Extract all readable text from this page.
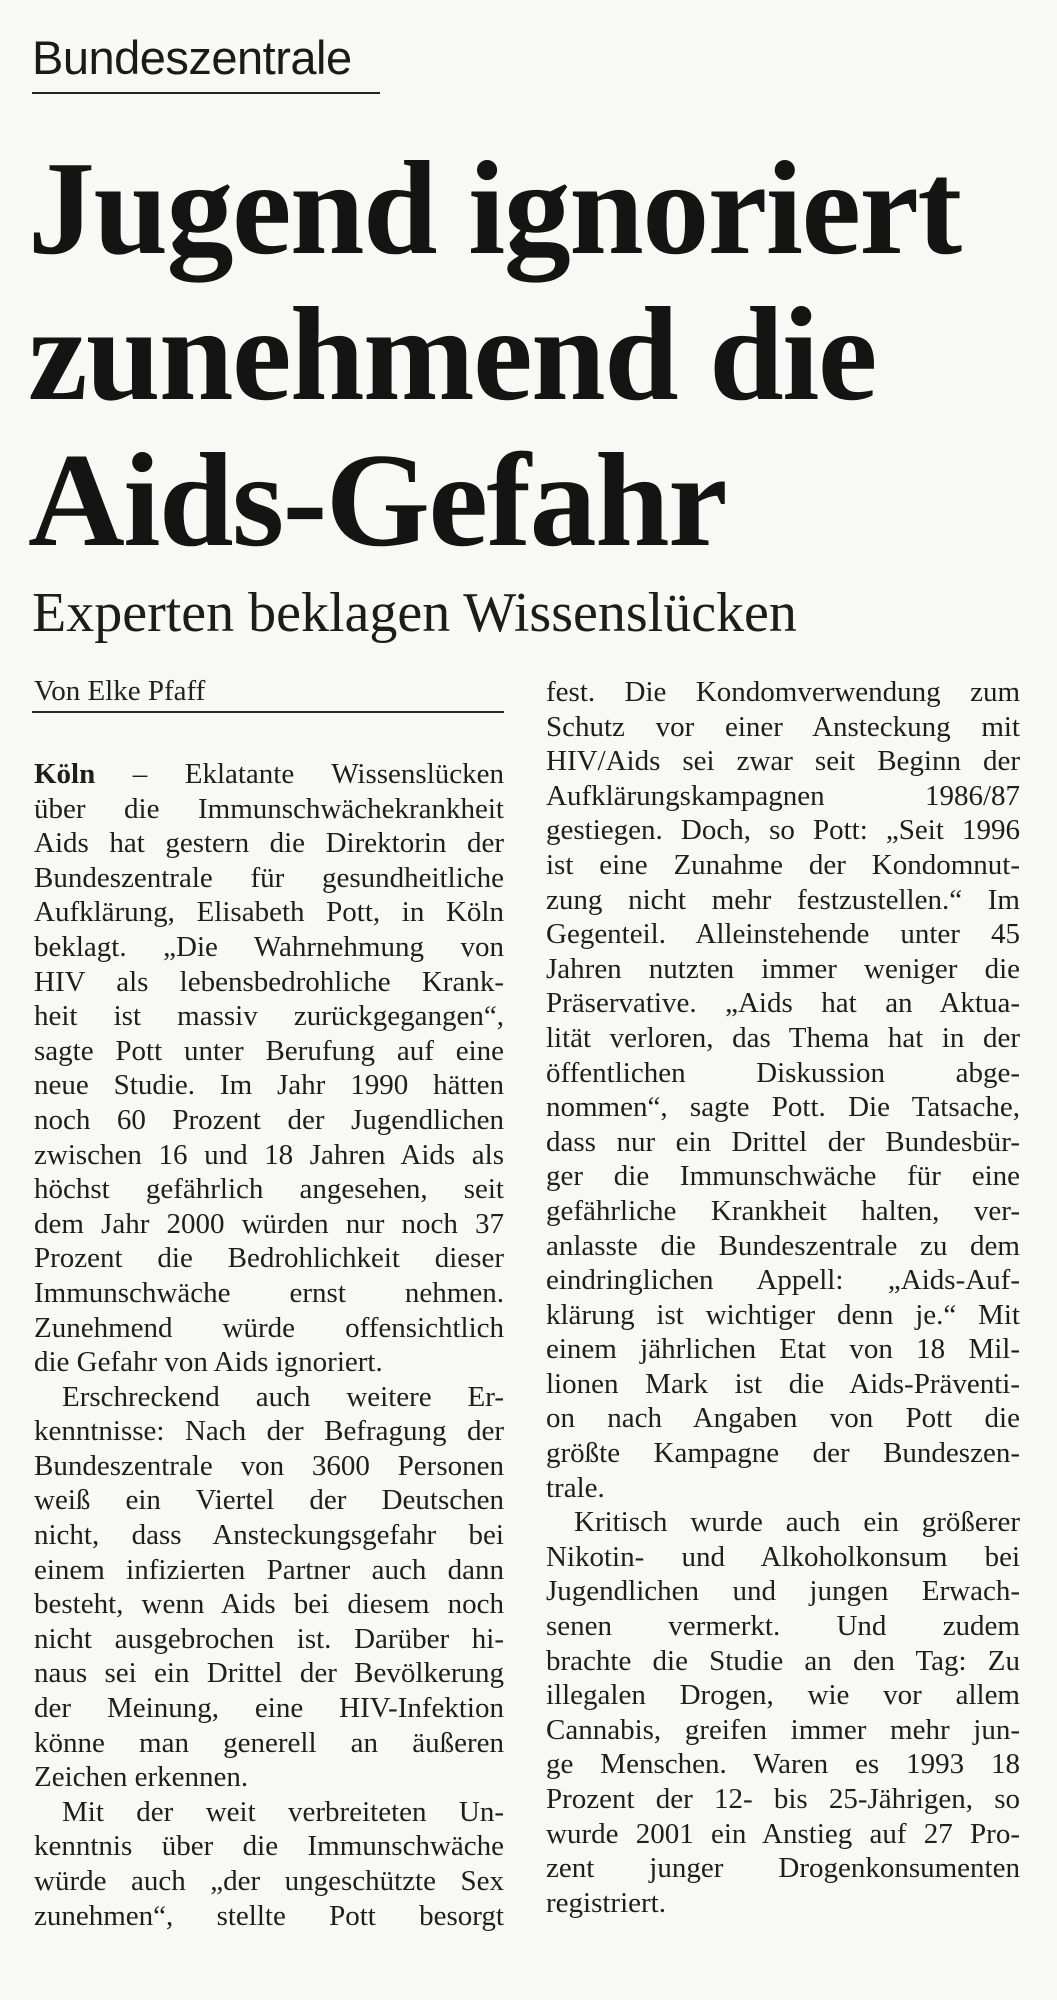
Bundeszentrale
Jugend ignoriert
zunehmend die
Aids-Gefahr
Experten beklagen Wissenslücken
Von Elke Pfaff
Köln – Eklatante Wissenslücken
über die Immunschwächekrankheit
Aids hat gestern die Direktorin der
Bundeszentrale für gesundheitliche
Aufklärung, Elisabeth Pott, in Köln
beklagt. „Die Wahrnehmung von
HIV als lebensbedrohliche Krank-
heit ist massiv zurückgegangen“,
sagte Pott unter Berufung auf eine
neue Studie. Im Jahr 1990 hätten
noch 60 Prozent der Jugendlichen
zwischen 16 und 18 Jahren Aids als
höchst gefährlich angesehen, seit
dem Jahr 2000 würden nur noch 37
Prozent die Bedrohlichkeit dieser
Immunschwäche ernst nehmen.
Zunehmend würde offensichtlich
die Gefahr von Aids ignoriert.
Erschreckend auch weitere Er-
kenntnisse: Nach der Befragung der
Bundeszentrale von 3600 Personen
weiß ein Viertel der Deutschen
nicht, dass Ansteckungsgefahr bei
einem infizierten Partner auch dann
besteht, wenn Aids bei diesem noch
nicht ausgebrochen ist. Darüber hi-
naus sei ein Drittel der Bevölkerung
der Meinung, eine HIV-Infektion
könne man generell an äußeren
Zeichen erkennen.
Mit der weit verbreiteten Un-
kenntnis über die Immunschwäche
würde auch „der ungeschützte Sex
zunehmen“, stellte Pott besorgt
fest. Die Kondomverwendung zum
Schutz vor einer Ansteckung mit
HIV/Aids sei zwar seit Beginn der
Aufklärungskampagnen 1986/87
gestiegen. Doch, so Pott: „Seit 1996
ist eine Zunahme der Kondomnut-
zung nicht mehr festzustellen.“ Im
Gegenteil. Alleinstehende unter 45
Jahren nutzten immer weniger die
Präservative. „Aids hat an Aktua-
lität verloren, das Thema hat in der
öffentlichen Diskussion abge-
nommen“, sagte Pott. Die Tatsache,
dass nur ein Drittel der Bundesbür-
ger die Immunschwäche für eine
gefährliche Krankheit halten, ver-
anlasste die Bundeszentrale zu dem
eindringlichen Appell: „Aids-Auf-
klärung ist wichtiger denn je.“ Mit
einem jährlichen Etat von 18 Mil-
lionen Mark ist die Aids-Präventi-
on nach Angaben von Pott die
größte Kampagne der Bundeszen-
trale.
Kritisch wurde auch ein größerer
Nikotin- und Alkoholkonsum bei
Jugendlichen und jungen Erwach-
senen vermerkt. Und zudem
brachte die Studie an den Tag: Zu
illegalen Drogen, wie vor allem
Cannabis, greifen immer mehr jun-
ge Menschen. Waren es 1993 18
Prozent der 12- bis 25-Jährigen, so
wurde 2001 ein Anstieg auf 27 Pro-
zent junger Drogenkonsumenten
registriert.
